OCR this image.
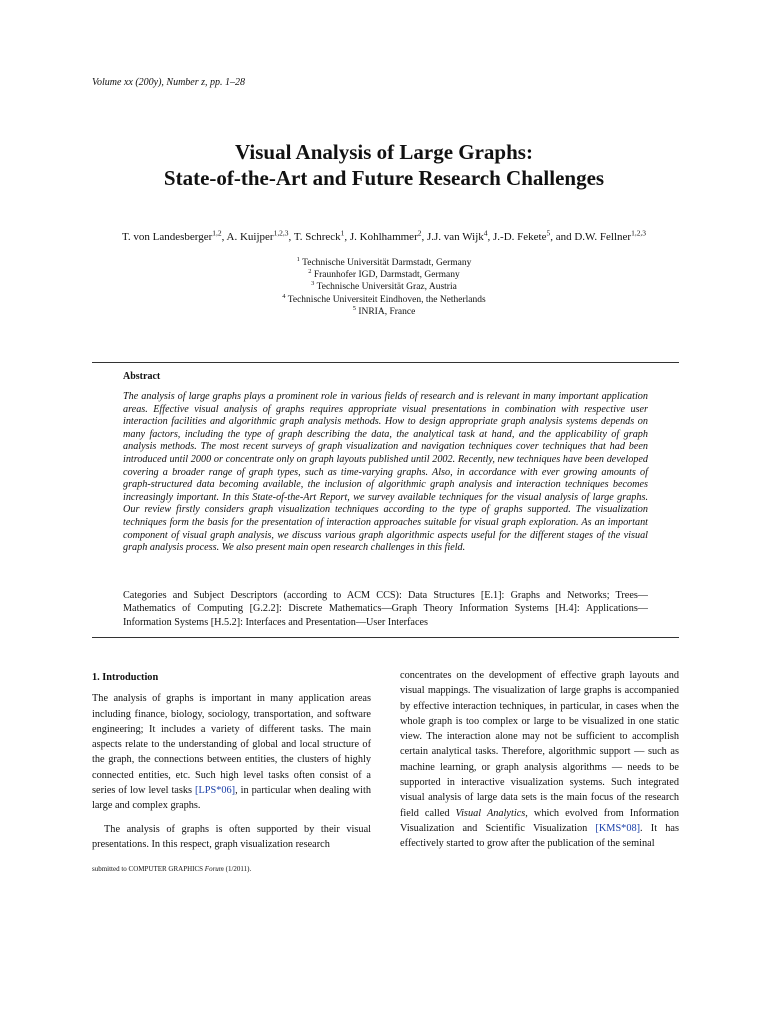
Volume xx (200y), Number z, pp. 1–28
Visual Analysis of Large Graphs:
State-of-the-Art and Future Research Challenges
T. von Landesberger$^{1,2}$, A. Kuijper$^{1,2,3}$, T. Schreck$^1$, J. Kohlhammer$^2$, J.J. van Wijk$^4$, J.-D. Fekete$^5$, and D.W. Fellner$^{1,2,3}$
$^1$ Technische Universität Darmstadt, Germany
$^2$ Fraunhofer IGD, Darmstadt, Germany
$^3$ Technische Universität Graz, Austria
$^4$ Technische Universiteit Eindhoven, the Netherlands
$^5$ INRIA, France
Abstract
The analysis of large graphs plays a prominent role in various fields of research and is relevant in many important application areas. Effective visual analysis of graphs requires appropriate visual presentations in combination with respective user interaction facilities and algorithmic graph analysis methods. How to design appropriate graph analysis systems depends on many factors, including the type of graph describing the data, the analytical task at hand, and the applicability of graph analysis methods. The most recent surveys of graph visualization and navigation techniques cover techniques that had been introduced until 2000 or concentrate only on graph layouts published until 2002. Recently, new techniques have been developed covering a broader range of graph types, such as time-varying graphs. Also, in accordance with ever growing amounts of graph-structured data becoming available, the inclusion of algorithmic graph analysis and interaction techniques becomes increasingly important. In this State-of-the-Art Report, we survey available techniques for the visual analysis of large graphs. Our review firstly considers graph visualization techniques according to the type of graphs supported. The visualization techniques form the basis for the presentation of interaction approaches suitable for visual graph exploration. As an important component of visual graph analysis, we discuss various graph algorithmic aspects useful for the different stages of the visual graph analysis process. We also present main open research challenges in this field.
Categories and Subject Descriptors (according to ACM CCS): Data Structures [E.1]: Graphs and Networks; Trees—Mathematics of Computing [G.2.2]: Discrete Mathematics—Graph Theory Information Systems [H.4]: Applications— Information Systems [H.5.2]: Interfaces and Presentation—User Interfaces
1. Introduction

The analysis of graphs is important in many application areas including finance, biology, sociology, transportation, and software engineering; It includes a variety of different tasks. The main aspects relate to the understanding of global and local structure of the graph, the connections between entities, the clusters of highly connected entities, etc. Such high level tasks often consist of a series of low level tasks [LPS*06], in particular when dealing with large and complex graphs.

The analysis of graphs is often supported by their visual presentations. In this respect, graph visualization research

concentrates on the development of effective graph layouts and visual mappings. The visualization of large graphs is accompanied by effective interaction techniques, in particular, in cases when the whole graph is too complex or large to be visualized in one static view. The interaction alone may not be sufficient to accomplish certain analytical tasks. Therefore, algorithmic support — such as machine learning, or graph analysis algorithms — needs to be supported in interactive visualization systems. Such integrated visual analysis of large data sets is the main focus of the research field called Visual Analytics, which evolved from Information Visualization and Scientific Visualization [KMS*08]. It has effectively started to grow after the publication of the seminal

submitted to COMPUTER GRAPHICS Forum (1/2011).
